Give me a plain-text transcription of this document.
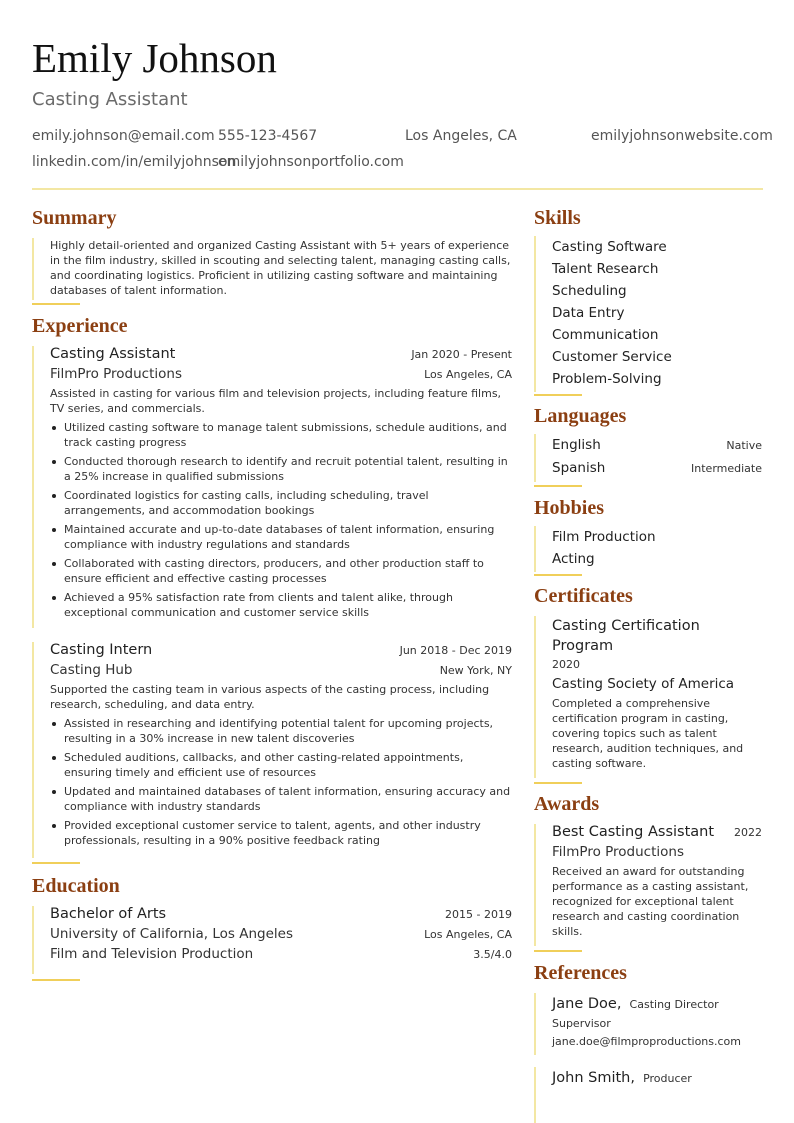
Emily Johnson
Casting Assistant
emily.johnson@email.com 555-123-4567	Los Angeles, CA	emilyjohnsonwebsite.com
linkedin.com/in/emilyjohnson
emilyjohnsonportfolio.com
Summary
Highly detail-oriented and organized Casting Assistant with 5+ years of experience in the film industry, skilled in scouting and selecting talent, managing casting calls, and coordinating logistics. Proficient in utilizing casting software and maintaining databases of talent information.
Experience
Casting Assistant	Jan 2020 - Present
FilmPro Productions	Los Angeles, CA
Assisted in casting for various film and television projects, including feature films, TV series, and commercials.
Utilized casting software to manage talent submissions, schedule auditions, and track casting progress
Conducted thorough research to identify and recruit potential talent, resulting in a 25% increase in qualified submissions
Coordinated logistics for casting calls, including scheduling, travel arrangements, and accommodation bookings
Maintained accurate and up-to-date databases of talent information, ensuring compliance with industry regulations and standards
Collaborated with casting directors, producers, and other production staff to ensure efficient and effective casting processes
Achieved a 95% satisfaction rate from clients and talent alike, through exceptional communication and customer service skills
Casting Intern	Jun 2018 - Dec 2019
Casting Hub	New York, NY
Supported the casting team in various aspects of the casting process, including research, scheduling, and data entry.
Assisted in researching and identifying potential talent for upcoming projects, resulting in a 30% increase in new talent discoveries
Scheduled auditions, callbacks, and other casting-related appointments, ensuring timely and efficient use of resources
Updated and maintained databases of talent information, ensuring accuracy and compliance with industry standards
Provided exceptional customer service to talent, agents, and other industry professionals, resulting in a 90% positive feedback rating
Education
Bachelor of Arts	2015 - 2019
University of California, Los Angeles	Los Angeles, CA
Film and Television Production	3.5/4.0
Skills
Casting Software
Talent Research
Scheduling
Data Entry
Communication
Customer Service
Problem-Solving
Languages
English	Native
Spanish	Intermediate
Hobbies
Film Production
Acting
Certificates
Casting Certification Program
2020
Casting Society of America
Completed a comprehensive certification program in casting, covering topics such as talent research, audition techniques, and casting software.
Awards
Best Casting Assistant 2022
FilmPro Productions
Received an award for outstanding performance as a casting assistant, recognized for exceptional talent research and casting coordination skills.
References
Jane Doe, Casting Director
Supervisor
jane.doe@filmproproductions.com
John Smith, Producer
